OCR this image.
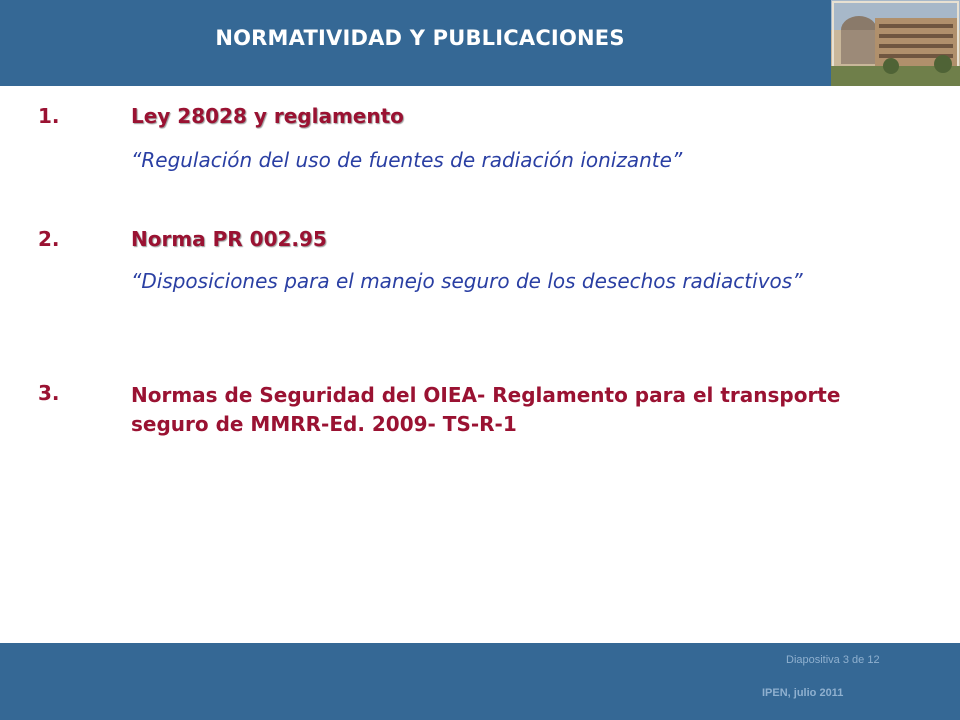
NORMATIVIDAD Y PUBLICACIONES
1.	Ley 28028 y reglamento
“Regulación del uso de fuentes de radiación ionizante”
2.	Norma PR 002.95
“Disposiciones para el manejo seguro de los desechos radiactivos”
3.	Normas de Seguridad del OIEA- Reglamento para el transporte seguro de MMRR-Ed. 2009- TS-R-1
Diapositiva 3 de 12
IPEN, julio 2011
